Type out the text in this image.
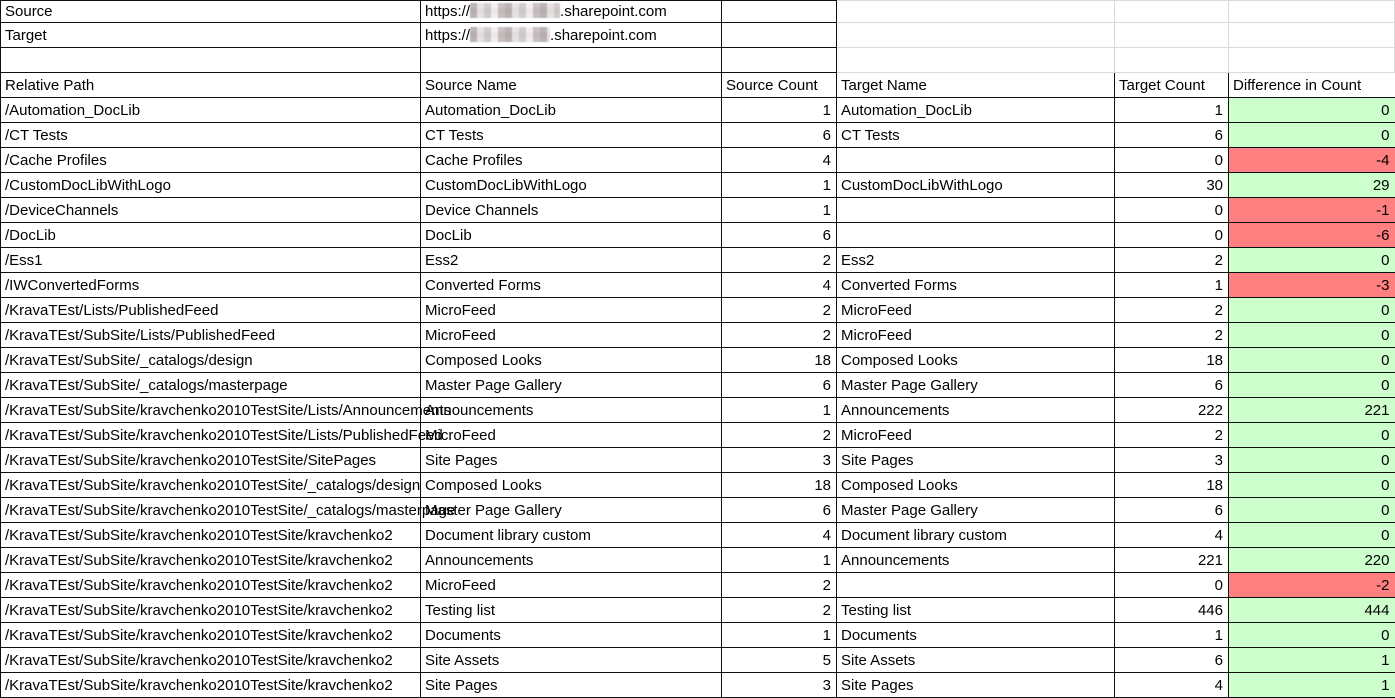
Source	https:// .sharepoint.com				
Target	https:// .sharepoint.com				

Relative Path	Source Name	Source Count	Target Name	Target Count	Difference in Count
/Automation_DocLib	Automation_DocLib	1	Automation_DocLib	1	0
/CT Tests	CT Tests	6	CT Tests	6	0
/Cache Profiles	Cache Profiles	4		0	-4
/CustomDocLibWithLogo	CustomDocLibWithLogo	1	CustomDocLibWithLogo	30	29
/DeviceChannels	Device Channels	1		0	-1
/DocLib	DocLib	6		0	-6
/Ess1	Ess2	2	Ess2	2	0
/IWConvertedForms	Converted Forms	4	Converted Forms	1	-3
/KravaTEst/Lists/PublishedFeed	MicroFeed	2	MicroFeed	2	0
/KravaTEst/SubSite/Lists/PublishedFeed	MicroFeed	2	MicroFeed	2	0
/KravaTEst/SubSite/_catalogs/design	Composed Looks	18	Composed Looks	18	0
/KravaTEst/SubSite/_catalogs/masterpage	Master Page Gallery	6	Master Page Gallery	6	0
/KravaTEst/SubSite/kravchenko2010TestSite/Lists/Announcements	Announcements	1	Announcements	222	221
/KravaTEst/SubSite/kravchenko2010TestSite/Lists/PublishedFeed	MicroFeed	2	MicroFeed	2	0
/KravaTEst/SubSite/kravchenko2010TestSite/SitePages	Site Pages	3	Site Pages	3	0
/KravaTEst/SubSite/kravchenko2010TestSite/_catalogs/design	Composed Looks	18	Composed Looks	18	0
/KravaTEst/SubSite/kravchenko2010TestSite/_catalogs/masterpage	Master Page Gallery	6	Master Page Gallery	6	0
/KravaTEst/SubSite/kravchenko2010TestSite/kravchenko2	Document library custom	4	Document library custom	4	0
/KravaTEst/SubSite/kravchenko2010TestSite/kravchenko2	Announcements	1	Announcements	221	220
/KravaTEst/SubSite/kravchenko2010TestSite/kravchenko2	MicroFeed	2		0	-2
/KravaTEst/SubSite/kravchenko2010TestSite/kravchenko2	Testing list	2	Testing list	446	444
/KravaTEst/SubSite/kravchenko2010TestSite/kravchenko2	Documents	1	Documents	1	0
/KravaTEst/SubSite/kravchenko2010TestSite/kravchenko2	Site Assets	5	Site Assets	6	1
/KravaTEst/SubSite/kravchenko2010TestSite/kravchenko2	Site Pages	3	Site Pages	4	1
